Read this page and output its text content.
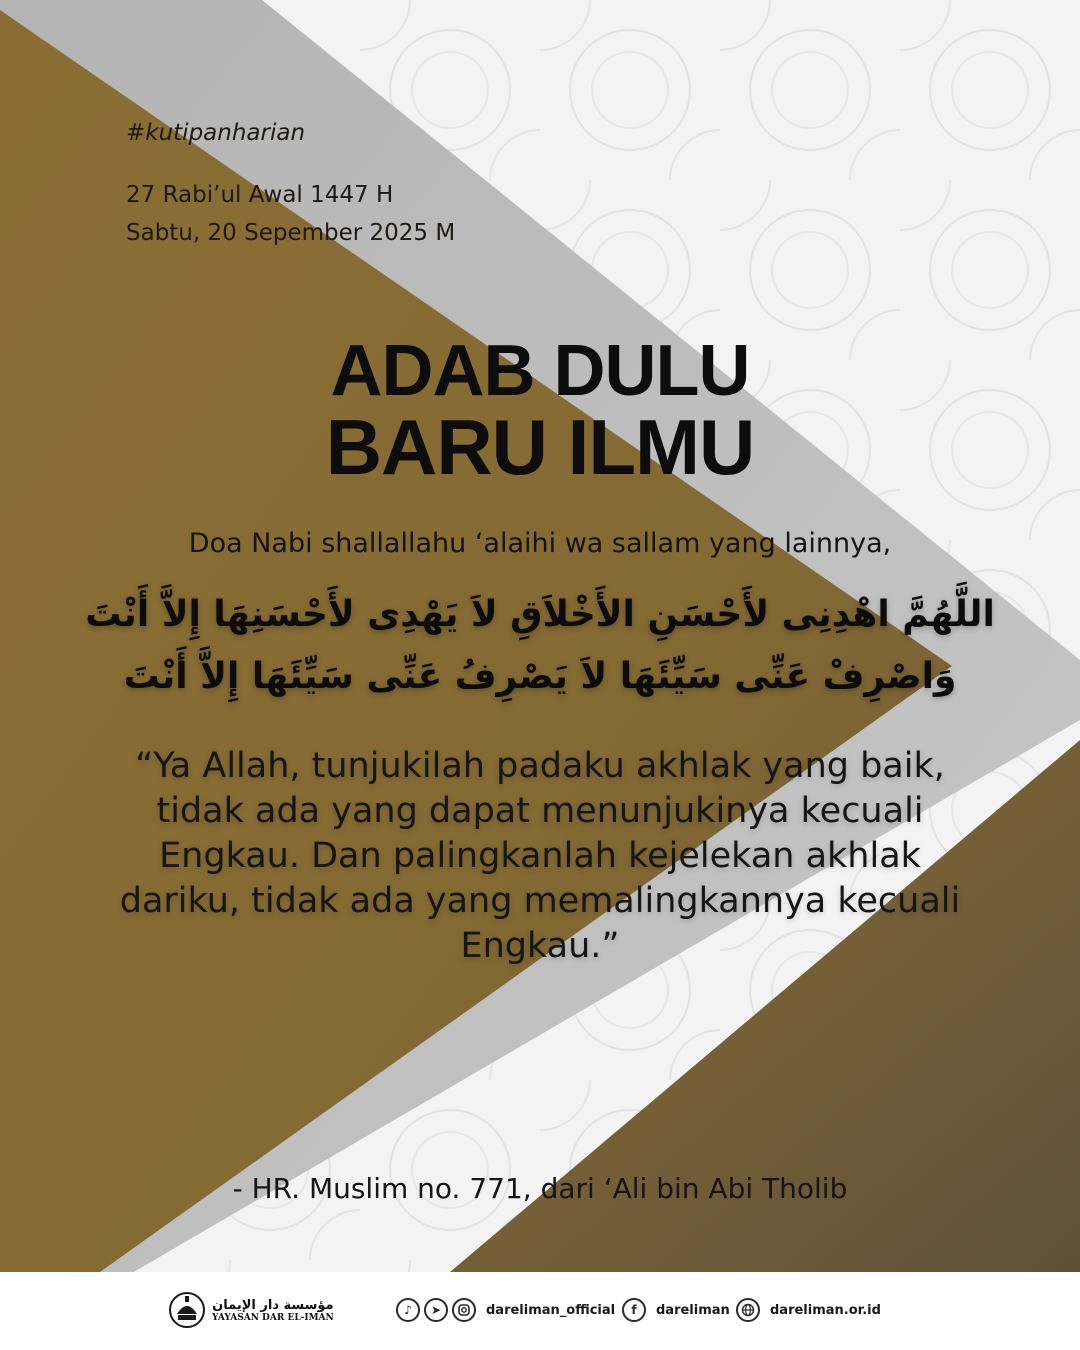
#kutipanharian
27 Rabi’ul Awal 1447 H
Sabtu, 20 Sepember 2025 M
ADAB DULU
BARU ILMU
Doa Nabi shallallahu ‘alaihi wa sallam yang lainnya,
اللَّهُمَّ اهْدِنِى لأَحْسَنِ الأَخْلاَقِ لاَ يَهْدِى لأَحْسَنِهَا إِلاَّ أَنْتَ
وَاصْرِفْ عَنِّى سَيِّئَهَا لاَ يَصْرِفُ عَنِّى سَيِّئَهَا إِلاَّ أَنْتَ
“Ya Allah, tunjukilah padaku akhlak yang baik, tidak ada yang dapat menunjukinya kecuali Engkau. Dan palingkanlah kejelekan akhlak dariku, tidak ada yang memalingkannya kecuali Engkau.”
- HR. Muslim no. 771, dari ‘Ali bin Abi Tholib
مؤسسة دار الإيمان
YAYASAN DAR EL-IMAN
♪	➤	dareliman_official	f	dareliman	dareliman.or.id
